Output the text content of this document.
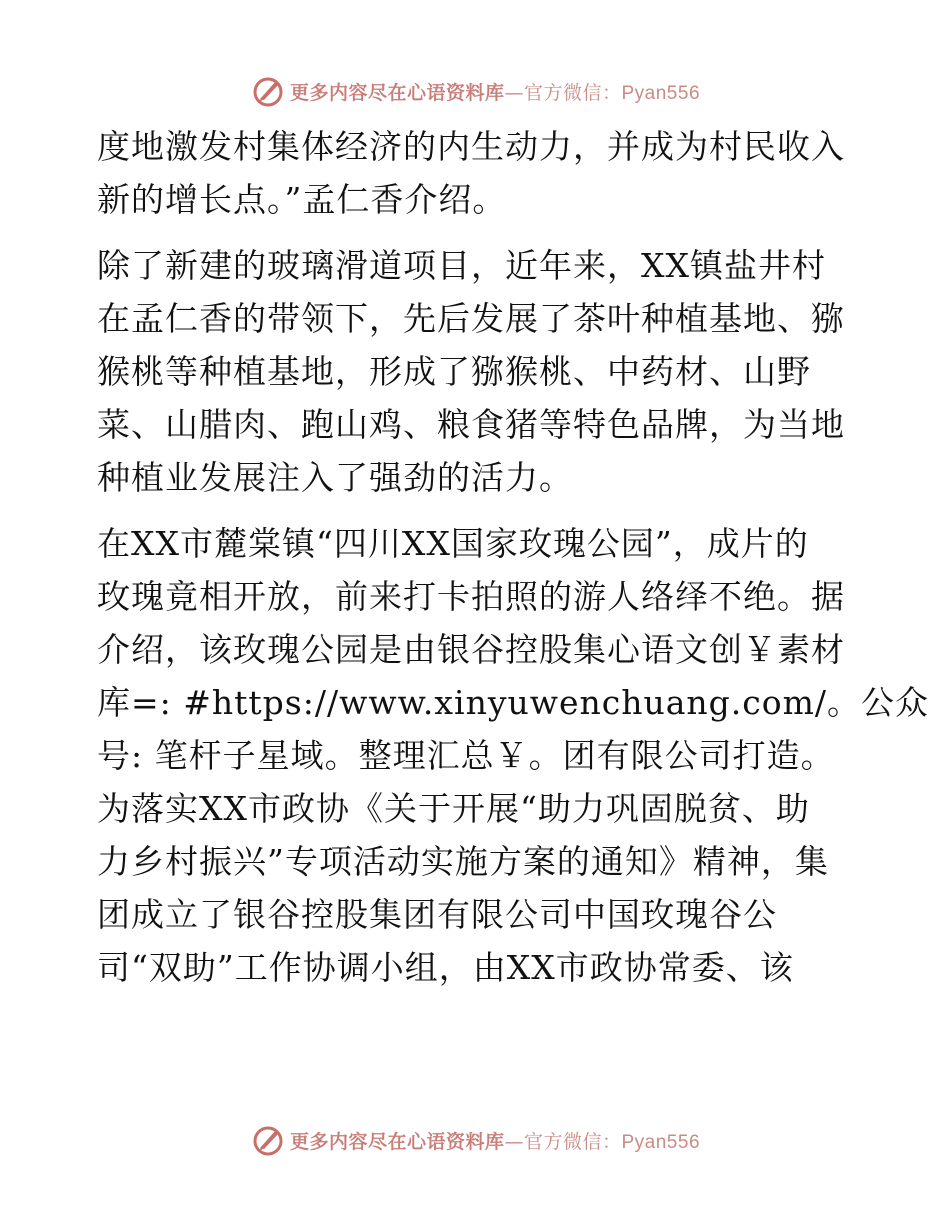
更多内容尽在心语资料库—官方微信：Pyan556

度地激发村集体经济的内生动力，并成为村民收入
新的增长点。”孟仁香介绍。

除了新建的玻璃滑道项目，近年来，XX镇盐井村
在孟仁香的带领下，先后发展了茶叶种植基地、猕
猴桃等种植基地，形成了猕猴桃、中药材、山野
菜、山腊肉、跑山鸡、粮食猪等特色品牌，为当地
种植业发展注入了强劲的活力。

在XX市麓棠镇“四川XX国家玫瑰公园”，成片的
玫瑰竟相开放，前来打卡拍照的游人络绎不绝。据
介绍，该玫瑰公园是由银谷控股集心语文创￥素材
库=: #https://www.xinyuwenchuang.com/。公众
号: 笔杆子星域。整理汇总￥。团有限公司打造。
为落实XX市政协《关于开展“助力巩固脱贫、助
力乡村振兴”专项活动实施方案的通知》精神，集
团成立了银谷控股集团有限公司中国玫瑰谷公
司“双助”工作协调小组，由XX市政协常委、该

更多内容尽在心语资料库—官方微信：Pyan556
